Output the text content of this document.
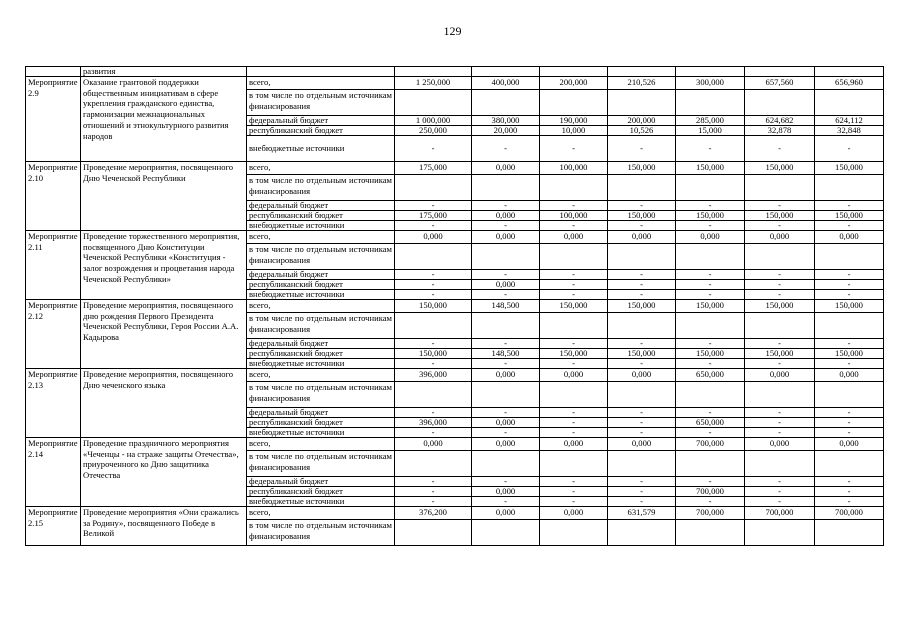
129
	развития								
Мероприятие 2.9	Оказание грантовой поддержки общественным инициативам в сфере укрепления гражданского единства, гармонизации межнациональных отношений и этнокультурного развития народов	всего,	1 250,000	400,000	200,000	210,526	300,000	657,560	656,960
		в том числе по отдельным источникам финансирования							
		федеральный бюджет	1 000,000	380,000	190,000	200,000	285,000	624,682	624,112
		республиканский бюджет	250,000	20,000	10,000	10,526	15,000	32,878	32,848
		внебюджетные источники	-	-	-	-	-	-	-
Мероприятие 2.10	Проведение мероприятия, посвященного Дню Чеченской Республики	всего,	175,000	0,000	100,000	150,000	150,000	150,000	150,000
		в том числе по отдельным источникам финансирования							
		федеральный бюджет	-	-	-	-	-	-	-
		республиканский бюджет	175,000	0,000	100,000	150,000	150,000	150,000	150,000
		внебюджетные источники	-	-	-	-	-	-	-
Мероприятие 2.11	Проведение торжественного мероприятия, посвященного Дню Конституции Чеченской Республики «Конституция - залог возрождения и процветания народа Чеченской Республики»	всего,	0,000	0,000	0,000	0,000	0,000	0,000	0,000
		в том числе по отдельным источникам финансирования							
		федеральный бюджет	-	-	-	-	-	-	-
		республиканский бюджет	-	0,000	-	-	-	-	-
		внебюджетные источники	-	-	-	-	-	-	-
Мероприятие 2.12	Проведение мероприятия, посвященного дню рождения Первого Президента Чеченской Республики, Героя России А.А. Кадырова	всего,	150,000	148,500	150,000	150,000	150,000	150,000	150,000
		в том числе по отдельным источникам финансирования							
		федеральный бюджет	-	-	-	-	-	-	-
		республиканский бюджет	150,000	148,500	150,000	150,000	150,000	150,000	150,000
		внебюджетные источники	-	-	-	-	-	-	-
Мероприятие 2.13	Проведение мероприятия, посвященного Дню чеченского языка	всего,	396,000	0,000	0,000	0,000	650,000	0,000	0,000
		в том числе по отдельным источникам финансирования							
		федеральный бюджет	-	-	-	-	-	-	-
		республиканский бюджет	396,000	0,000	-	-	650,000	-	-
		внебюджетные источники	-	-	-	-	-	-	-
Мероприятие 2.14	Проведение праздничного мероприятия «Чеченцы - на страже защиты Отечества», приуроченного ко Дню защитника Отечества	всего,	0,000	0,000	0,000	0,000	700,000	0,000	0,000
		в том числе по отдельным источникам финансирования							
		федеральный бюджет	-	-	-	-	-	-	-
		республиканский бюджет	-	0,000	-	-	700,000	-	-
		внебюджетные источники	-	-	-	-	-	-	-
Мероприятие 2.15	Проведение мероприятия «Они сражались за Родину», посвященного Победе в Великой	всего,	376,200	0,000	0,000	631,579	700,000	700,000	700,000
		в том числе по отдельным источникам финансирования							
